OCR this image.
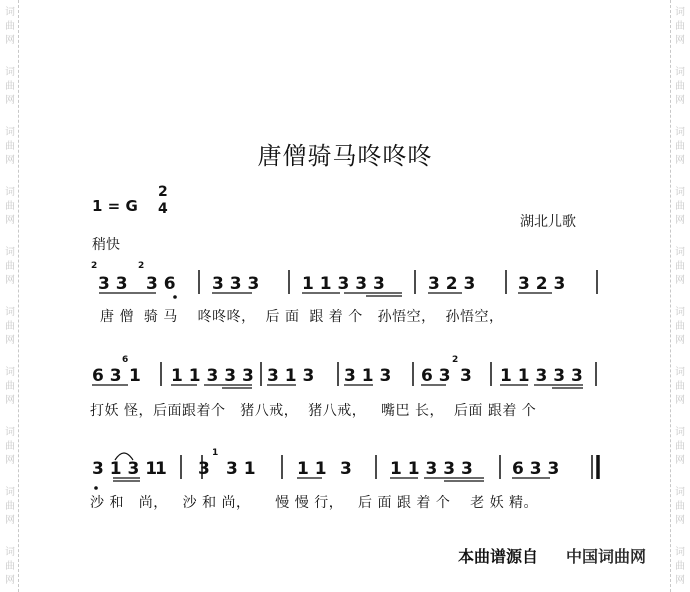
词
曲
网
词
曲
网
词
曲
网
词
曲
网
词
曲
网
词
曲
网
词
曲
网
词
曲
网
词
曲
网
词
曲
网
词
曲
网
词
曲
网
词
曲
网
词
曲
网
词
曲
网
词
曲
网
词
曲
网
词
曲
网
词
曲
网
词
曲
网
唐僧骑马咚咚咚
1 = G
2
4
湖北儿歌
稍快
2
3 3
2
3 6 3 3 3	1 1 3 3 3	3 2 3	3 2 3
6 3
6
1 1 1 3 3 3 3 1 3 3 1 3 6 3
2
3 1 1 3 3 3
3 1 3 1
1 3
1
3 1 1 1 3 1 1 3 3 3 6 3 3
唐 僧  骑 马    咚咚咚，  后 面  跟 着 个   孙悟空，  孙悟空，
打妖 怪，后面跟着个   猪八戒，  猪八戒，   嘴巴 长，  后面 跟着 个
沙 和   尚，   沙 和 尚，     慢 慢 行，   后 面 跟 着 个    老 妖 精。
本曲谱源自 中国词曲网
